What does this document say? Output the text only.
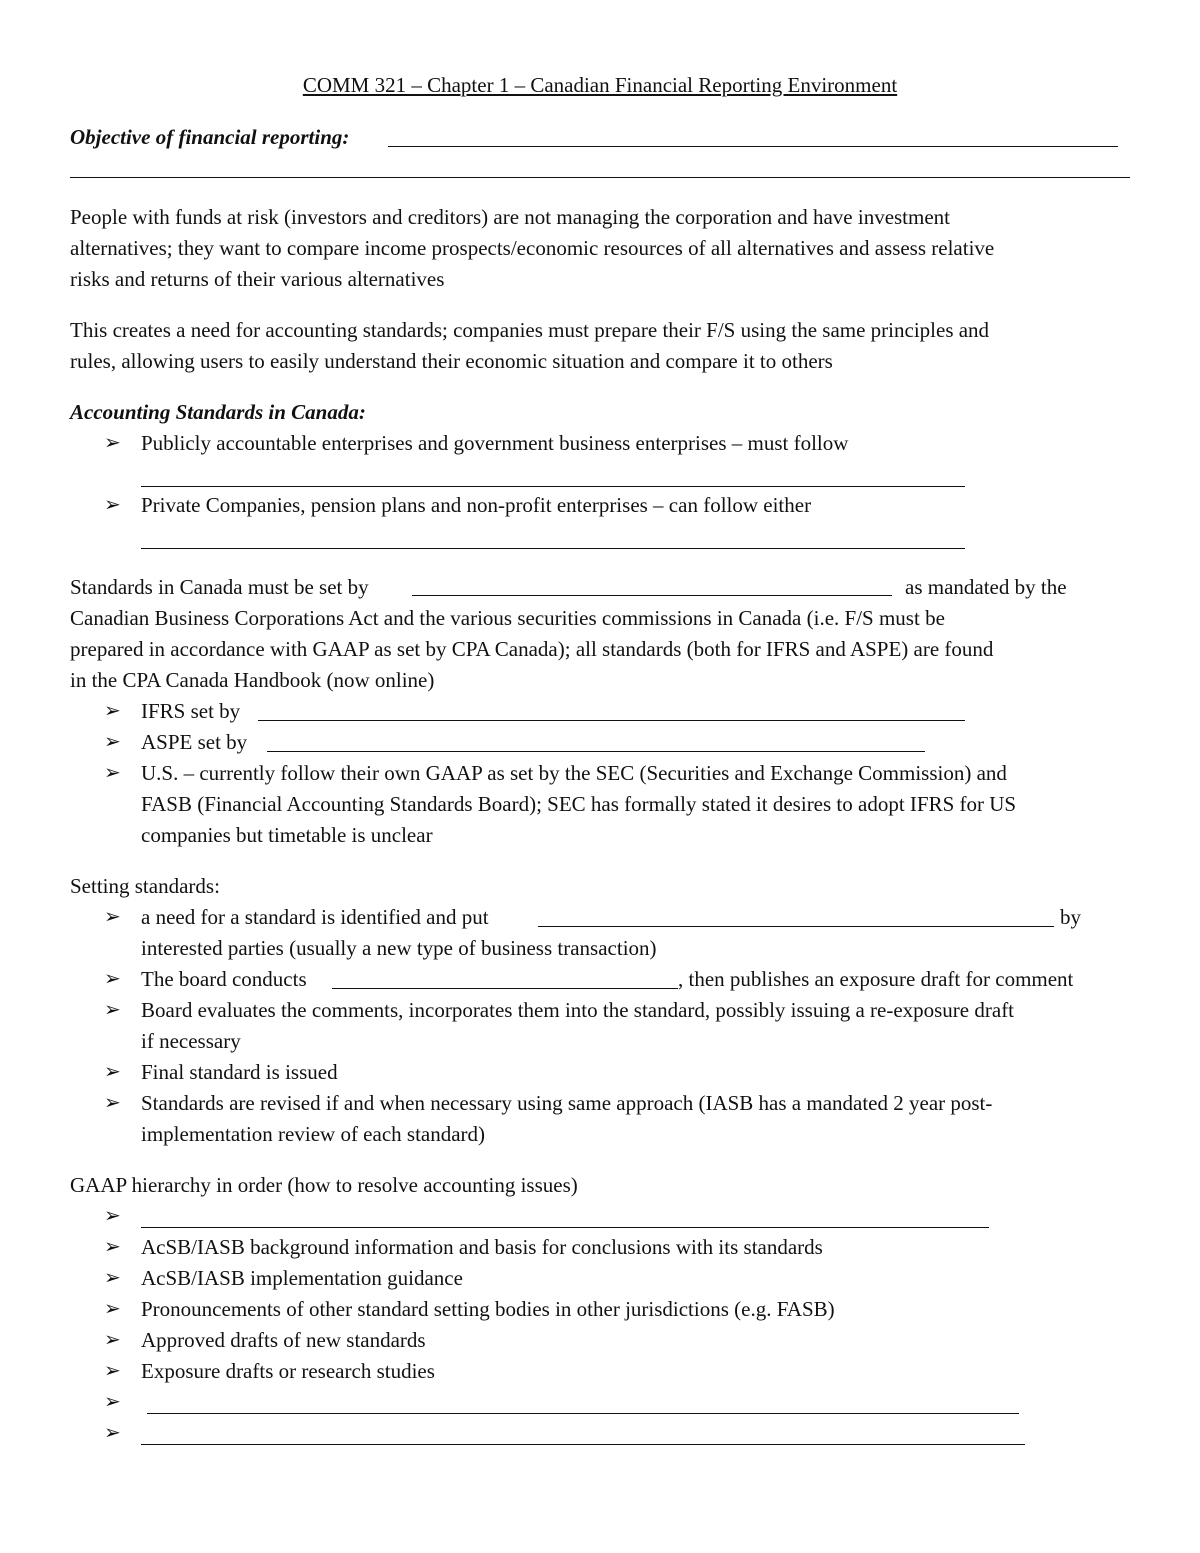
COMM 321 – Chapter 1 – Canadian Financial Reporting Environment
Objective of financial reporting:
People with funds at risk (investors and creditors) are not managing the corporation and have investment
alternatives; they want to compare income prospects/economic resources of all alternatives and assess relative
risks and returns of their various alternatives
This creates a need for accounting standards; companies must prepare their F/S using the same principles and
rules, allowing users to easily understand their economic situation and compare it to others
Accounting Standards in Canada:
➢ Publicly accountable enterprises and government business enterprises – must follow
➢ Private Companies, pension plans and non-profit enterprises – can follow either
Standards in Canada must be set by	as mandated by the
Canadian Business Corporations Act and the various securities commissions in Canada (i.e. F/S must be
prepared in accordance with GAAP as set by CPA Canada); all standards (both for IFRS and ASPE) are found
in the CPA Canada Handbook (now online)
➢ IFRS set by
➢ ASPE set by
➢ U.S. – currently follow their own GAAP as set by the SEC (Securities and Exchange Commission) and
FASB (Financial Accounting Standards Board); SEC has formally stated it desires to adopt IFRS for US
companies but timetable is unclear
Setting standards:
➢ a need for a standard is identified and put	by
interested parties (usually a new type of business transaction)
➢ The board conducts	, then publishes an exposure draft for comment
➢ Board evaluates the comments, incorporates them into the standard, possibly issuing a re-exposure draft
if necessary
➢ Final standard is issued
➢ Standards are revised if and when necessary using same approach (IASB has a mandated 2 year post-
implementation review of each standard)
GAAP hierarchy in order (how to resolve accounting issues)
➢
➢ AcSB/IASB background information and basis for conclusions with its standards
➢ AcSB/IASB implementation guidance
➢ Pronouncements of other standard setting bodies in other jurisdictions (e.g. FASB)
➢ Approved drafts of new standards
➢ Exposure drafts or research studies
➢
➢
